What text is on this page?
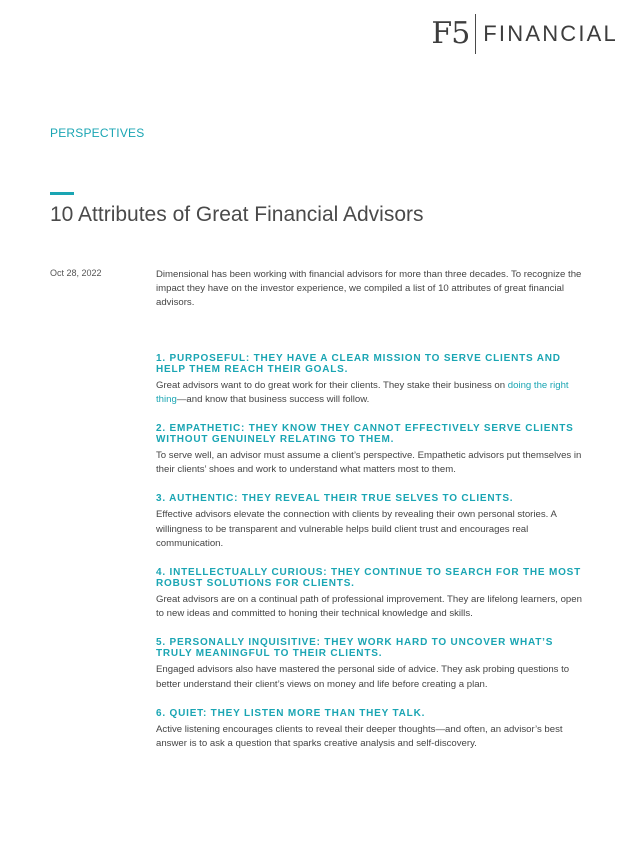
F5 FINANCIAL
PERSPECTIVES
10 Attributes of Great Financial Advisors
Oct 28, 2022	Dimensional has been working with financial advisors for more than three decades. To recognize the impact they have on the investor experience, we compiled a list of 10 attributes of great financial advisors.

1. PURPOSEFUL: THEY HAVE A CLEAR MISSION TO SERVE CLIENTS AND HELP THEM REACH THEIR GOALS.

Great advisors want to do great work for their clients. They stake their business on doing the right thing—and know that business success will follow.

2. EMPATHETIC: THEY KNOW THEY CANNOT EFFECTIVELY SERVE CLIENTS WITHOUT GENUINELY RELATING TO THEM.

To serve well, an advisor must assume a client’s perspective. Empathetic advisors put themselves in their clients’ shoes and work to understand what matters most to them.

3. AUTHENTIC: THEY REVEAL THEIR TRUE SELVES TO CLIENTS.

Effective advisors elevate the connection with clients by revealing their own personal stories. A willingness to be transparent and vulnerable helps build client trust and encourages real communication.

4. INTELLECTUALLY CURIOUS: THEY CONTINUE TO SEARCH FOR THE MOST ROBUST SOLUTIONS FOR CLIENTS.

Great advisors are on a continual path of professional improvement. They are lifelong learners, open to new ideas and committed to honing their technical knowledge and skills.

5. PERSONALLY INQUISITIVE: THEY WORK HARD TO UNCOVER WHAT’S TRULY MEANINGFUL TO THEIR CLIENTS.

Engaged advisors also have mastered the personal side of advice. They ask probing questions to better understand their client’s views on money and life before creating a plan.

6. QUIET: THEY LISTEN MORE THAN THEY TALK.

Active listening encourages clients to reveal their deeper thoughts—and often, an advisor’s best answer is to ask a question that sparks creative analysis and self-discovery.
